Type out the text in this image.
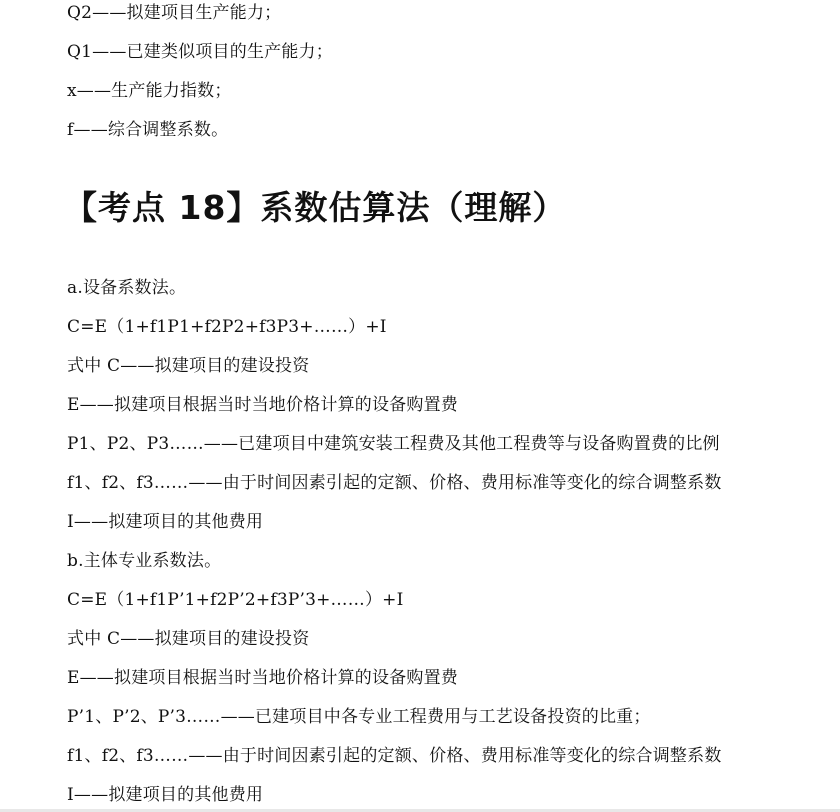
Q2——拟建项目生产能力；
Q1——已建类似项目的生产能力；
x——生产能力指数；
f——综合调整系数。
【考点 18】系数估算法（理解）
a.设备系数法。
C=E（1+f1P1+f2P2+f3P3+……）+I
式中 C——拟建项目的建设投资
E——拟建项目根据当时当地价格计算的设备购置费
P1、P2、P3……——已建项目中建筑安装工程费及其他工程费等与设备购置费的比例
f1、f2、f3……——由于时间因素引起的定额、价格、费用标准等变化的综合调整系数
I——拟建项目的其他费用
b.主体专业系数法。
C=E（1+f1P’1+f2P’2+f3P’3+……）+I
式中 C——拟建项目的建设投资
E——拟建项目根据当时当地价格计算的设备购置费
P’1、P’2、P’3……——已建项目中各专业工程费用与工艺设备投资的比重；
f1、f2、f3……——由于时间因素引起的定额、价格、费用标准等变化的综合调整系数
I——拟建项目的其他费用
